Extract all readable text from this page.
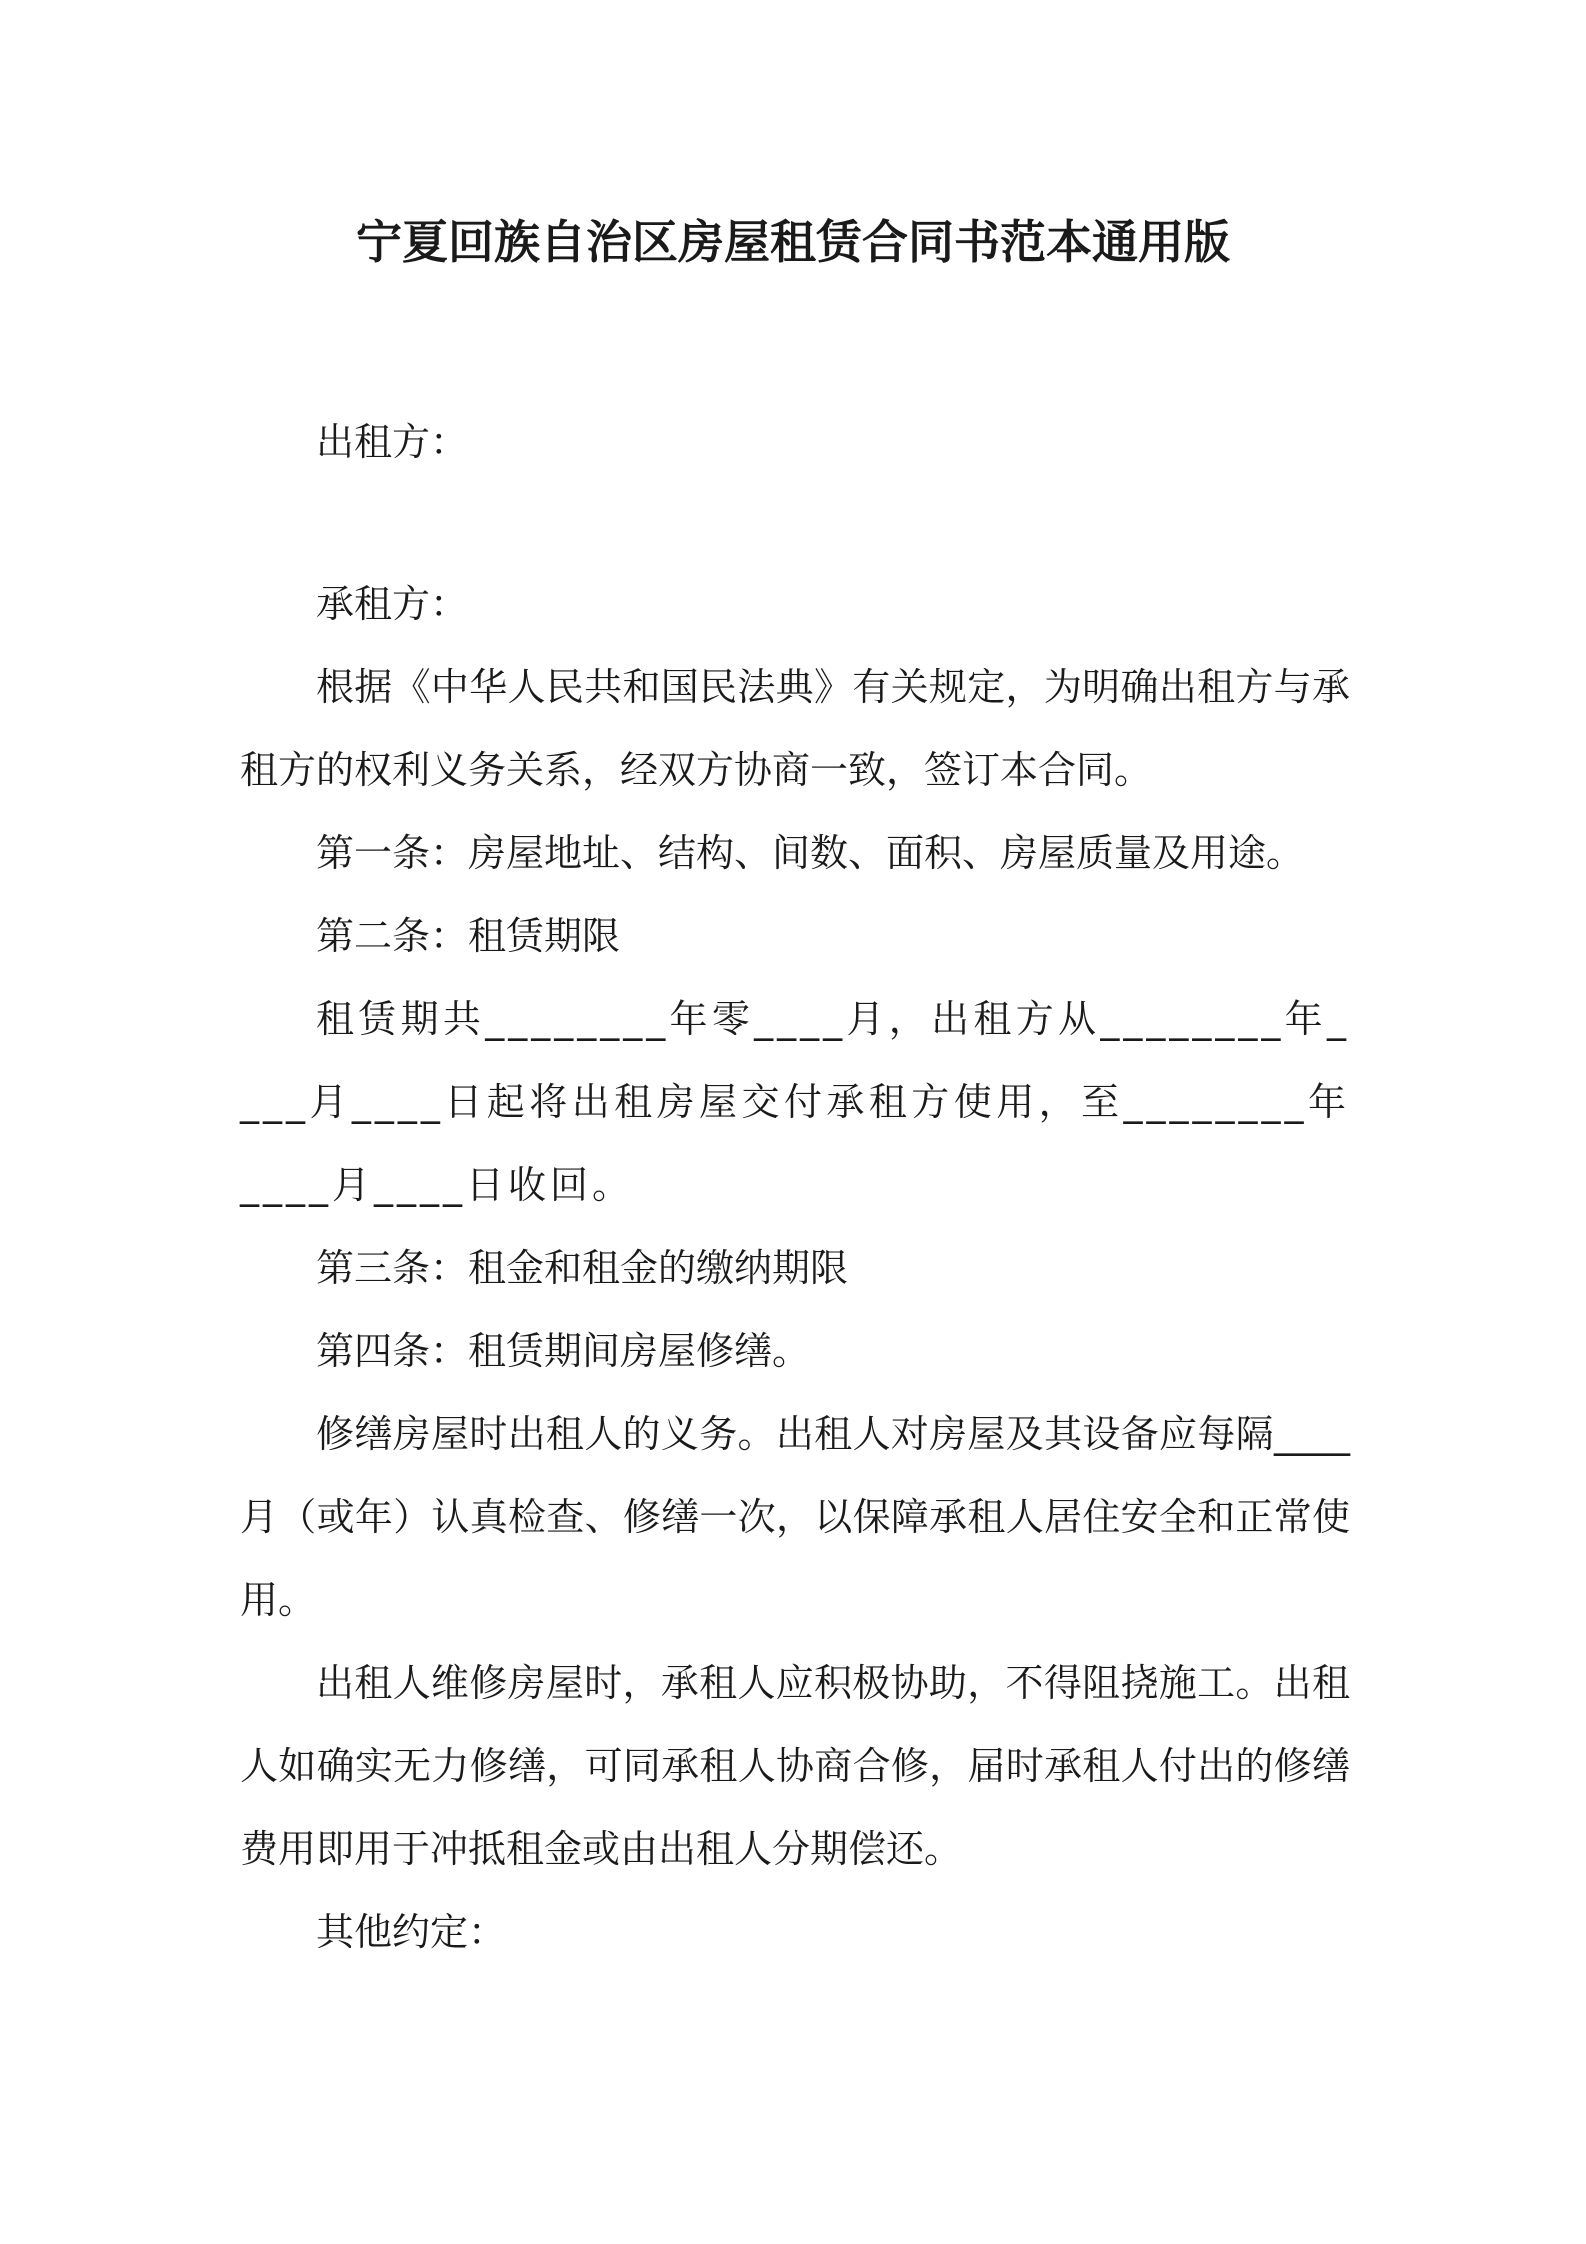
宁夏回族自治区房屋租赁合同书范本通用版

出租方：

承租方：

根据《中华人民共和国民法典》有关规定，为明确出租方与承租方的权利义务关系，经双方协商一致，签订本合同。

第一条：房屋地址、结构、间数、面积、房屋质量及用途。

第二条：租赁期限

租赁期共________年零____月，出租方从________年____月____日起将出租房屋交付承租方使用，至________年____月____日收回。

第三条：租金和租金的缴纳期限

第四条：租赁期间房屋修缮。

修缮房屋时出租人的义务。出租人对房屋及其设备应每隔____月（或年）认真检查、修缮一次，以保障承租人居住安全和正常使用。

出租人维修房屋时，承租人应积极协助，不得阻挠施工。出租人如确实无力修缮，可同承租人协商合修，届时承租人付出的修缮费用即用于冲抵租金或由出租人分期偿还。

其他约定：
